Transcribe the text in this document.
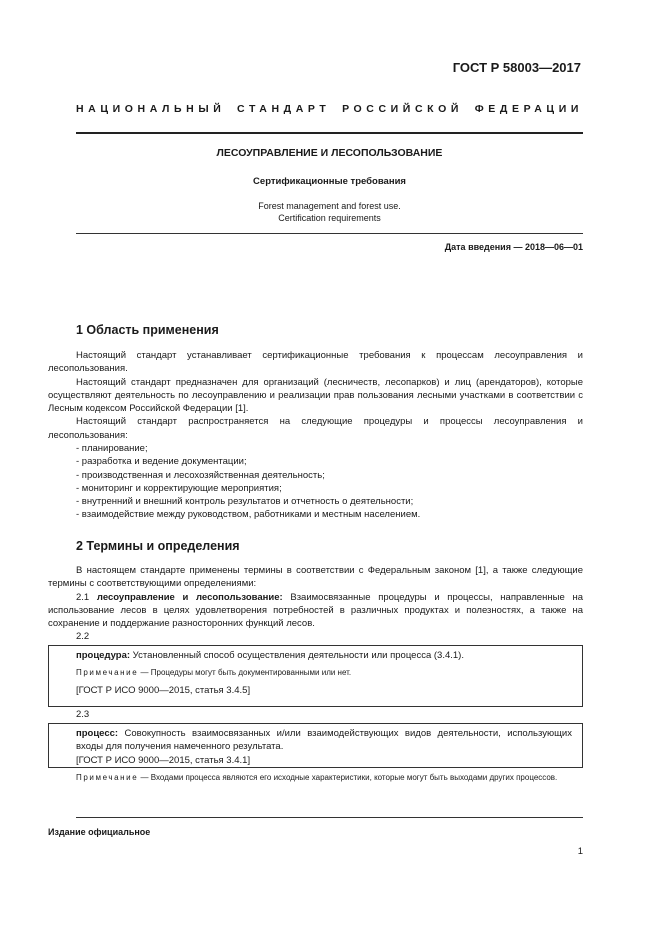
ГОСТ Р 58003—2017
НАЦИОНАЛЬНЫЙ СТАНДАРТ РОССИЙСКОЙ ФЕДЕРАЦИИ
ЛЕСОУПРАВЛЕНИЕ И ЛЕСОПОЛЬЗОВАНИЕ
Сертификационные требования
Forest management and forest use.
Certification requirements
Дата введения — 2018—06—01
1 Область применения

Настоящий стандарт устанавливает сертификационные требования к процессам лесоуправления и лесопользования.

Настоящий стандарт предназначен для организаций (лесничеств, лесопарков) и лиц (арендаторов), которые осуществляют деятельность по лесоуправлению и реализации прав пользования лесными участками в соответствии с Лесным кодексом Российской Федерации [1].

Настоящий стандарт распространяется на следующие процедуры и процессы лесоуправления и лесопользования:

- планирование;
- разработка и ведение документации;
- производственная и лесохозяйственная деятельность;
- мониторинг и корректирующие мероприятия;
- внутренний и внешний контроль результатов и отчетность о деятельности;
- взаимодействие между руководством, работниками и местным населением.
2 Термины и определения

В настоящем стандарте применены термины в соответствии с Федеральным законом [1], а также следующие термины с соответствующими определениями:

2.1 лесоуправление и лесопользование: Взаимосвязанные процедуры и процессы, направленные на использование лесов в целях удовлетворения потребностей в различных продуктах и полезностях, а также на сохранение и поддержание разносторонних функций лесов.

2.2
процедура: Установленный способ осуществления деятельности или процесса (3.4.1).
Примечание — Процедуры могут быть документированными или нет.
[ГОСТ Р ИСО 9000—2015, статья 3.4.5]
2.3
процесс: Совокупность взаимосвязанных и/или взаимодействующих видов деятельности, использующих входы для получения намеченного результата.
[ГОСТ Р ИСО 9000—2015, статья 3.4.1]

Примечание — Входами процесса являются его исходные характеристики, которые могут быть выходами других процессов.

Издание официальное
1
